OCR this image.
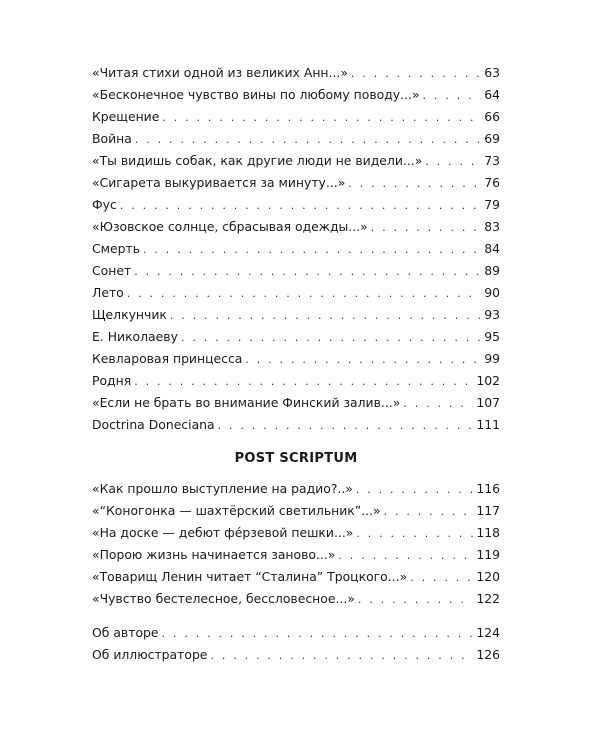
«Читая стихи одной из великих Анн...» . . .	63
«Бесконечное чувство вины по любому поводу...» . . .	64
Крещение . . .	66
Война . . .	69
«Ты видишь собак, как другие люди не видели...» . . .	73
«Сигарета выкуривается за минуту...» . . .	76
Фус . . .	79
«Юзовское солнце, сбрасывая одежды...» . . .	83
Смерть . . .	84
Сонет . . .	89
Лето . . .	90
Щелкунчик . . .	93
Е. Николаеву . . .	95
Кевларовая принцесса . . .	99
Родня . . .	102
«Если не брать во внимание Финский залив...» . . .	107
Doctrina Doneciana . . .	111
POST SCRIPTUM
«Как прошло выступление на радио?..» . . .	116
«“Коногонка — шахтёрский светильник”...» . . .	117
«На доске — дебют фéрзевой пешки...» . . .	118
«Порою жизнь начинается заново...» . . .	119
«Товарищ Ленин читает “Сталина” Троцкого...» . . .	120
«Чувство бестелесное, бессловесное...» . . .	122
Об авторе . . .	124
Об иллюстраторе . . .	126
